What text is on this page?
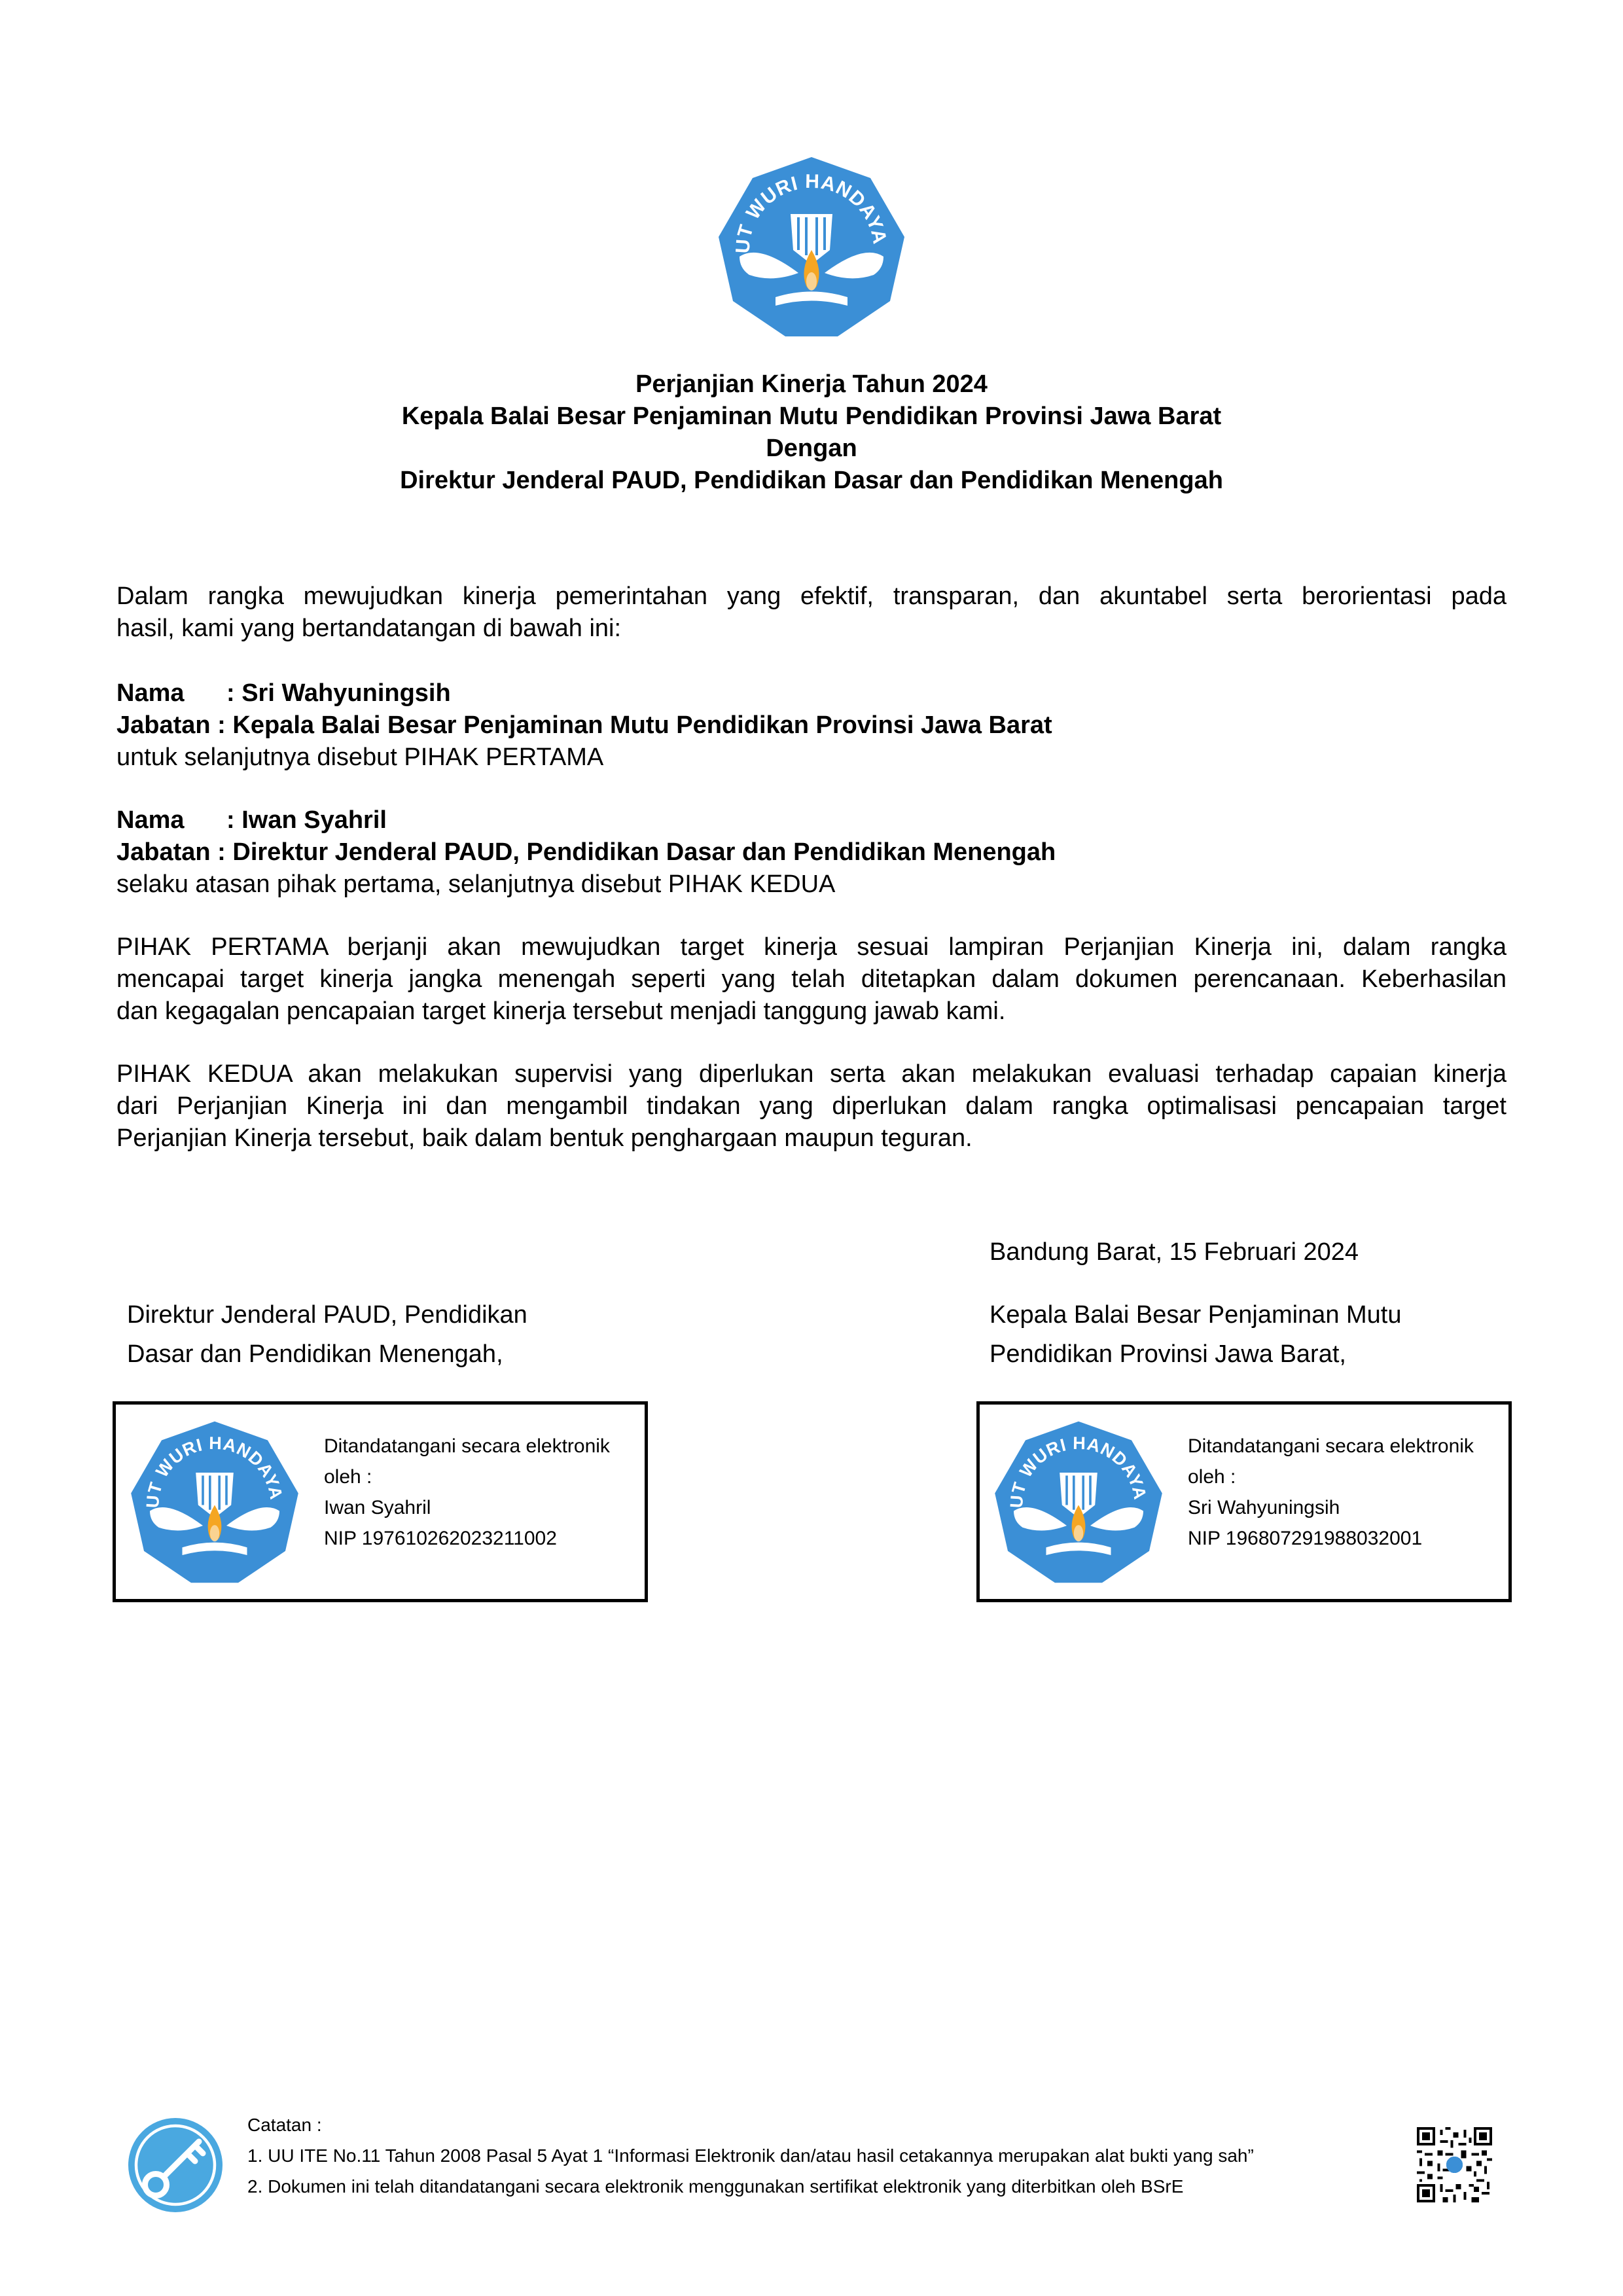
Perjanjian Kinerja Tahun 2024
Kepala Balai Besar Penjaminan Mutu Pendidikan Provinsi Jawa Barat
Dengan
Direktur Jenderal PAUD, Pendidikan Dasar dan Pendidikan Menengah
Dalam rangka mewujudkan kinerja pemerintahan yang efektif, transparan, dan akuntabel serta berorientasi pada
hasil, kami yang bertandatangan di bawah ini:
Nama : Sri Wahyuningsih
Jabatan : Kepala Balai Besar Penjaminan Mutu Pendidikan Provinsi Jawa Barat
untuk selanjutnya disebut PIHAK PERTAMA
Nama : Iwan Syahril
Jabatan : Direktur Jenderal PAUD, Pendidikan Dasar dan Pendidikan Menengah
selaku atasan pihak pertama, selanjutnya disebut PIHAK KEDUA
PIHAK PERTAMA berjanji akan mewujudkan target kinerja sesuai lampiran Perjanjian Kinerja ini, dalam rangka
mencapai target kinerja jangka menengah seperti yang telah ditetapkan dalam dokumen perencanaan. Keberhasilan
dan kegagalan pencapaian target kinerja tersebut menjadi tanggung jawab kami.
PIHAK KEDUA akan melakukan supervisi yang diperlukan serta akan melakukan evaluasi terhadap capaian kinerja
dari Perjanjian Kinerja ini dan mengambil tindakan yang diperlukan dalam rangka optimalisasi pencapaian target
Perjanjian Kinerja tersebut, baik dalam bentuk penghargaan maupun teguran.
Bandung Barat, 15 Februari 2024
Direktur Jenderal PAUD, Pendidikan
Dasar dan Pendidikan Menengah,
Kepala Balai Besar Penjaminan Mutu
Pendidikan Provinsi Jawa Barat,
Ditandatangani secara elektronik
oleh :
Iwan Syahril
NIP 197610262023211002
Ditandatangani secara elektronik
oleh :
Sri Wahyuningsih
NIP 196807291988032001
Catatan :
1. UU ITE No.11 Tahun 2008 Pasal 5 Ayat 1 “Informasi Elektronik dan/atau hasil cetakannya merupakan alat bukti yang sah”
2. Dokumen ini telah ditandatangani secara elektronik menggunakan sertifikat elektronik yang diterbitkan oleh BSrE
